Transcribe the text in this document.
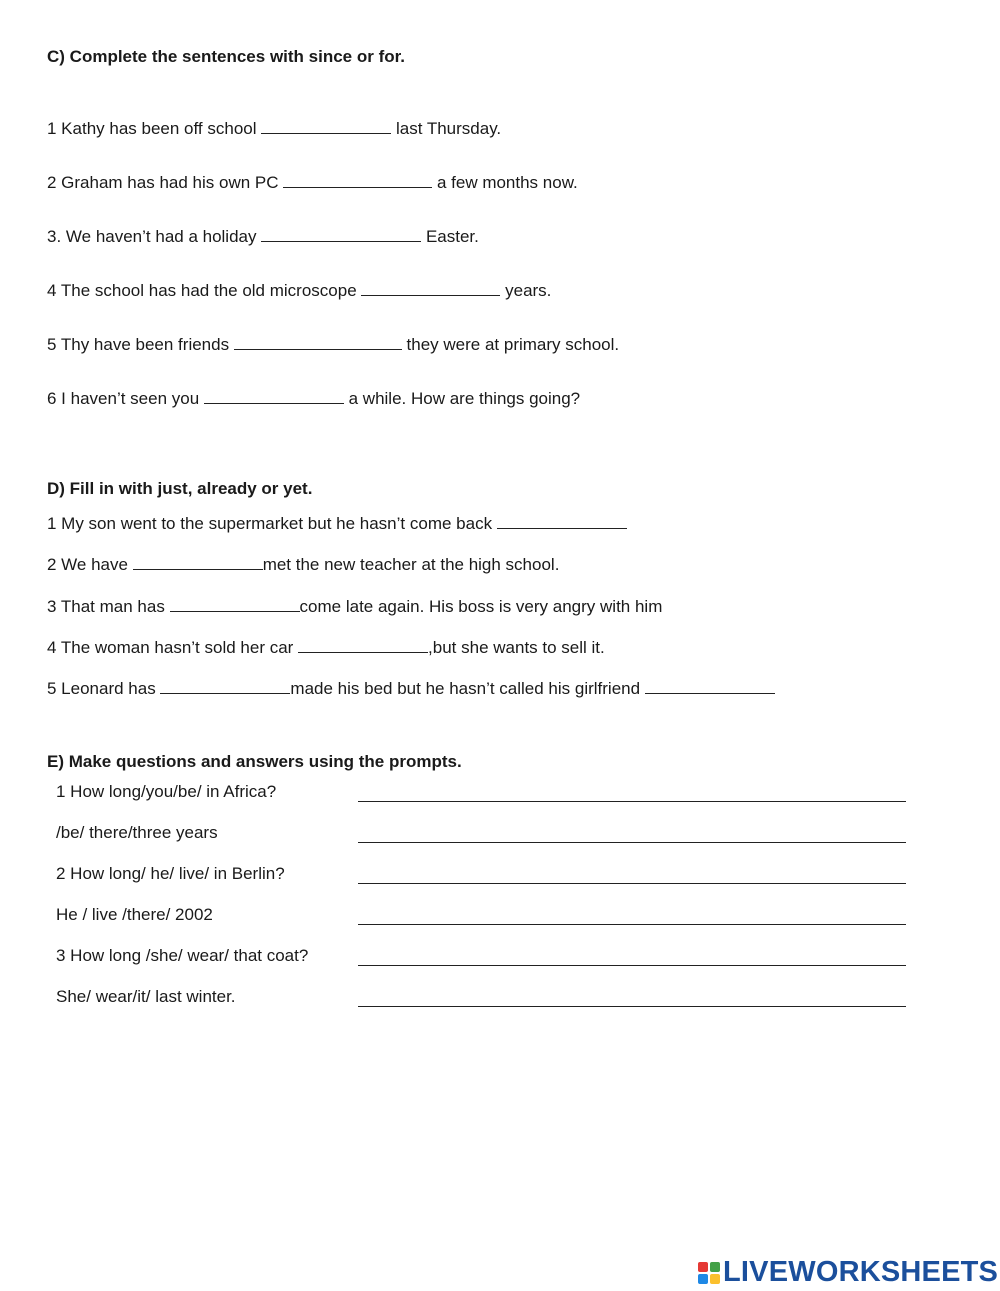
C) Complete the sentences with since or for.
1 Kathy has been off school	last Thursday.
2 Graham has had his own PC	a few months now.
3. We haven’t had a holiday	Easter.
4 The school has had the old microscope	years.
5 Thy have been friends	they were at primary school.
6 I haven’t seen you	a while. How are things going?
D) Fill in with just, already or yet.
1 My son went to the supermarket but he hasn’t come back
2 We have	met the new teacher at the high school.
3 That man has	come late again. His boss is very angry with him
4 The woman hasn’t sold her car	,but she wants to sell it.
5 Leonard has	made his bed but he hasn’t called his girlfriend
E) Make questions and answers using the prompts.
1 How long/you/be/ in Africa?
/be/ there/three years
2 How long/ he/ live/ in Berlin?
He / live /there/ 2002
3 How long /she/ wear/ that coat?
She/ wear/it/ last winter.
LIVEWORKSHEETS
